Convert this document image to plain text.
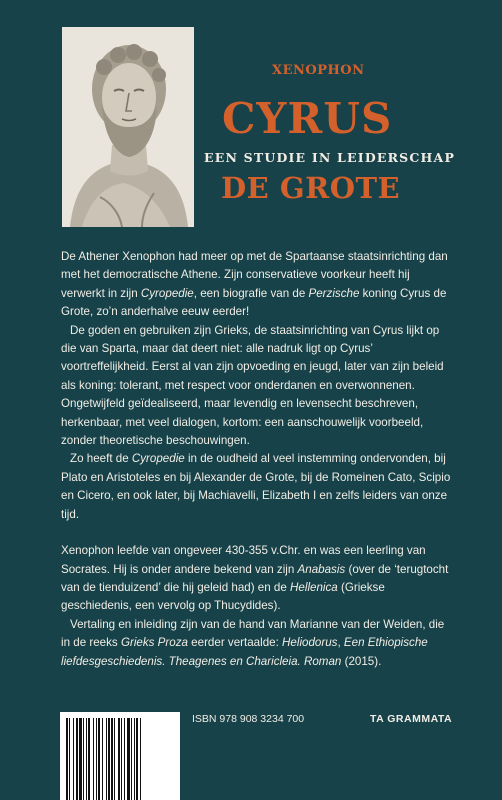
XENOPHON
CYRUS
EEN STUDIE IN LEIDERSCHAP
DE GROTE

De Athener Xenophon had meer op met de Spartaanse staatsinrichting dan met het democratische Athene. Zijn conservatieve voorkeur heeft hij verwerkt in zijn Cyropedie, een biografie van de Perzische koning Cyrus de Grote, zo’n anderhalve eeuw eerder!

De goden en gebruiken zijn Grieks, de staatsinrichting van Cyrus lijkt op die van Sparta, maar dat deert niet: alle nadruk ligt op Cyrus’ voortreffelijkheid. Eerst al van zijn opvoeding en jeugd, later van zijn beleid als koning: tolerant, met respect voor onderdanen en overwonnenen. Ongetwijfeld geïdealiseerd, maar levendig en levensecht beschreven, herkenbaar, met veel dialogen, kortom: een aanschouwelijk voorbeeld, zonder theoretische beschouwingen.

Zo heeft de Cyropedie in de oudheid al veel instemming ondervonden, bij Plato en Aristoteles en bij Alexander de Grote, bij de Romeinen Cato, Scipio en Cicero, en ook later, bij Machiavelli, Elizabeth I en zelfs leiders van onze tijd.

Xenophon leefde van ongeveer 430-355 v.Chr. en was een leerling van Socrates. Hij is onder andere bekend van zijn Anabasis (over de ‘terugtocht van de tienduizend’ die hij geleid had) en de Hellenica (Griekse geschiedenis, een vervolg op Thucydides).

Vertaling en inleiding zijn van de hand van Marianne van der Weiden, die in de reeks Grieks Proza eerder vertaalde: Heliodorus, Een Ethiopische liefdesgeschiedenis. Theagenes en Charicleia. Roman (2015).

ISBN 978 908 3234 700	TA GRAMMATA
